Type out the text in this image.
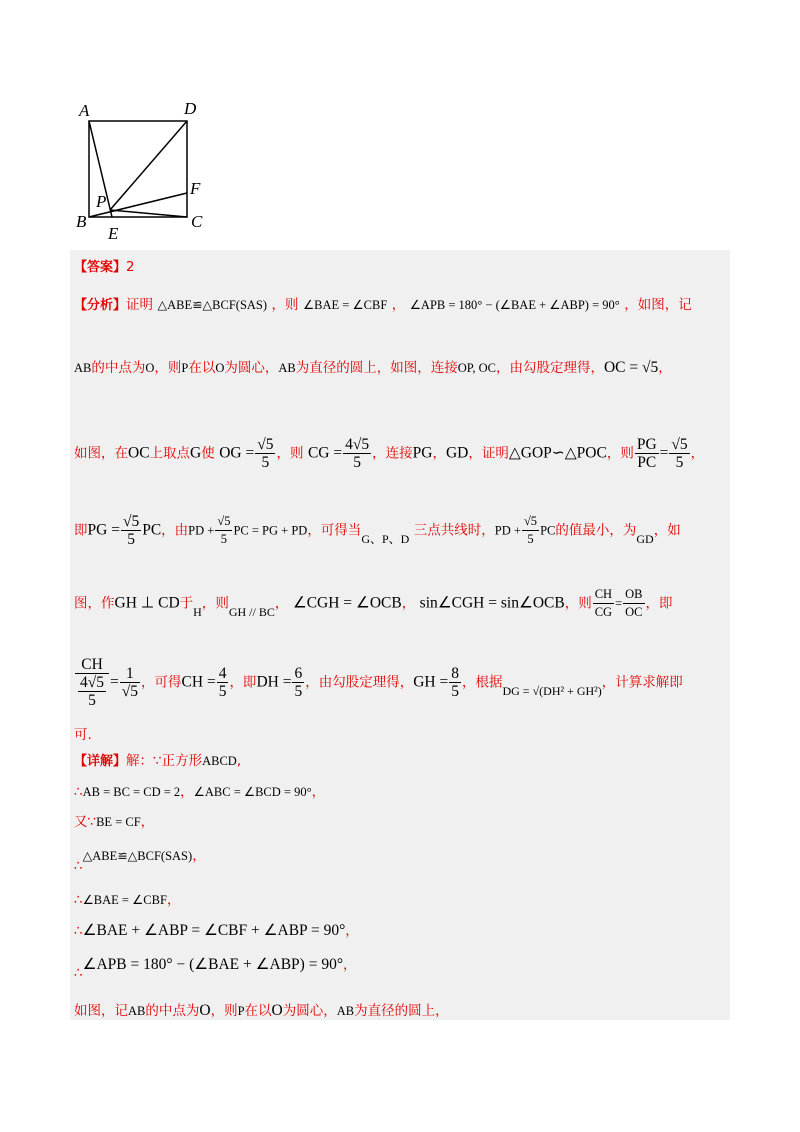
A	D
B	C
E
F
P
【答案】2
【分析】证明 △ABE≌△BCF(SAS) ，则 ∠BAE = ∠CBF ， ∠APB = 180° − (∠BAE + ∠ABP) = 90° ，如图，记
AB的中点为O，则P在以O为圆心，AB为直径的圆上，如图，连接OP, OC，由勾股定理得，OC = √5，
如图，在OC上取点G使 OG = $\frac{√5}{5}$ ，则 CG = $\frac{4√5}{5}$ ，连接PG，GD，证明△GOP∽△POC，则 $\frac{PG}{PC} = \frac{√5}{5}$ ，
即PG = $\frac{√5}{5}$ PC，由PD + $\frac{√5}{5}$ PC = PG + PD，可得当G、P、D 三点共线时，PD + $\frac{√5}{5}$ PC的值最小，为GD，如
图，作GH ⊥ CD于H，则GH // BC， ∠CGH = ∠OCB， sin∠CGH = sin∠OCB，则 $\frac{CH}{CG} = \frac{OB}{OC}$ ，即
$\frac{CH}{\frac{4√5}{5}} = \frac{1}{√5}$ ，可得CH = $\frac{4}{5}$ ，即DH = $\frac{6}{5}$ ，由勾股定理得，GH = $\frac{8}{5}$ ，根据DG = √(DH² + GH²)，计算求解即
可.
【详解】解：∵正方形ABCD,
∴AB = BC = CD = 2，∠ABC = ∠BCD = 90°，
又∵BE = CF，
∴△ABE≌△BCF(SAS)，
∴∠BAE = ∠CBF，
∴∠BAE + ∠ABP = ∠CBF + ∠ABP = 90°，
∴∠APB = 180° − (∠BAE + ∠ABP) = 90°，
如图，记AB的中点为O，则P在以O为圆心，AB为直径的圆上，
